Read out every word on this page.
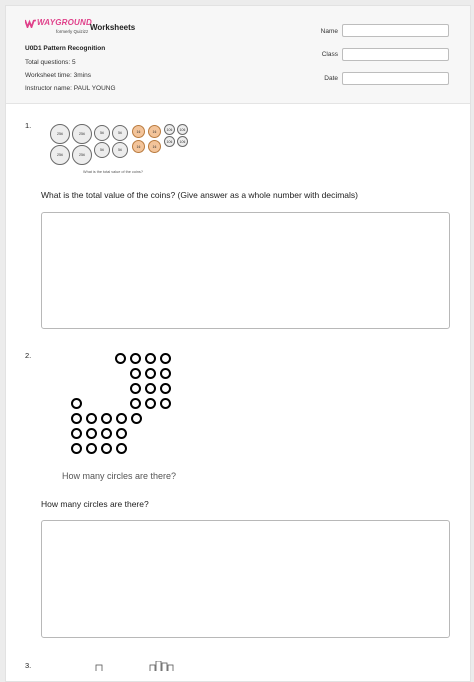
WAYGROUND
formerly Quizizz Worksheets
U0D1 Pattern Recognition
Total questions: 5
Worksheet time: 3mins
Instructor name: PAUL YOUNG
Name
Class
Date
1.
25¢	25¢	5¢	5¢	1¢	1¢	10¢	10¢
25¢	25¢
5¢	5¢
1¢	1¢
10¢	10¢
What is the total value of the coins?
What is the total value of the coins? (Give answer as a whole number with decimals)
2.
How many circles are there?
How many circles are there?
3.
